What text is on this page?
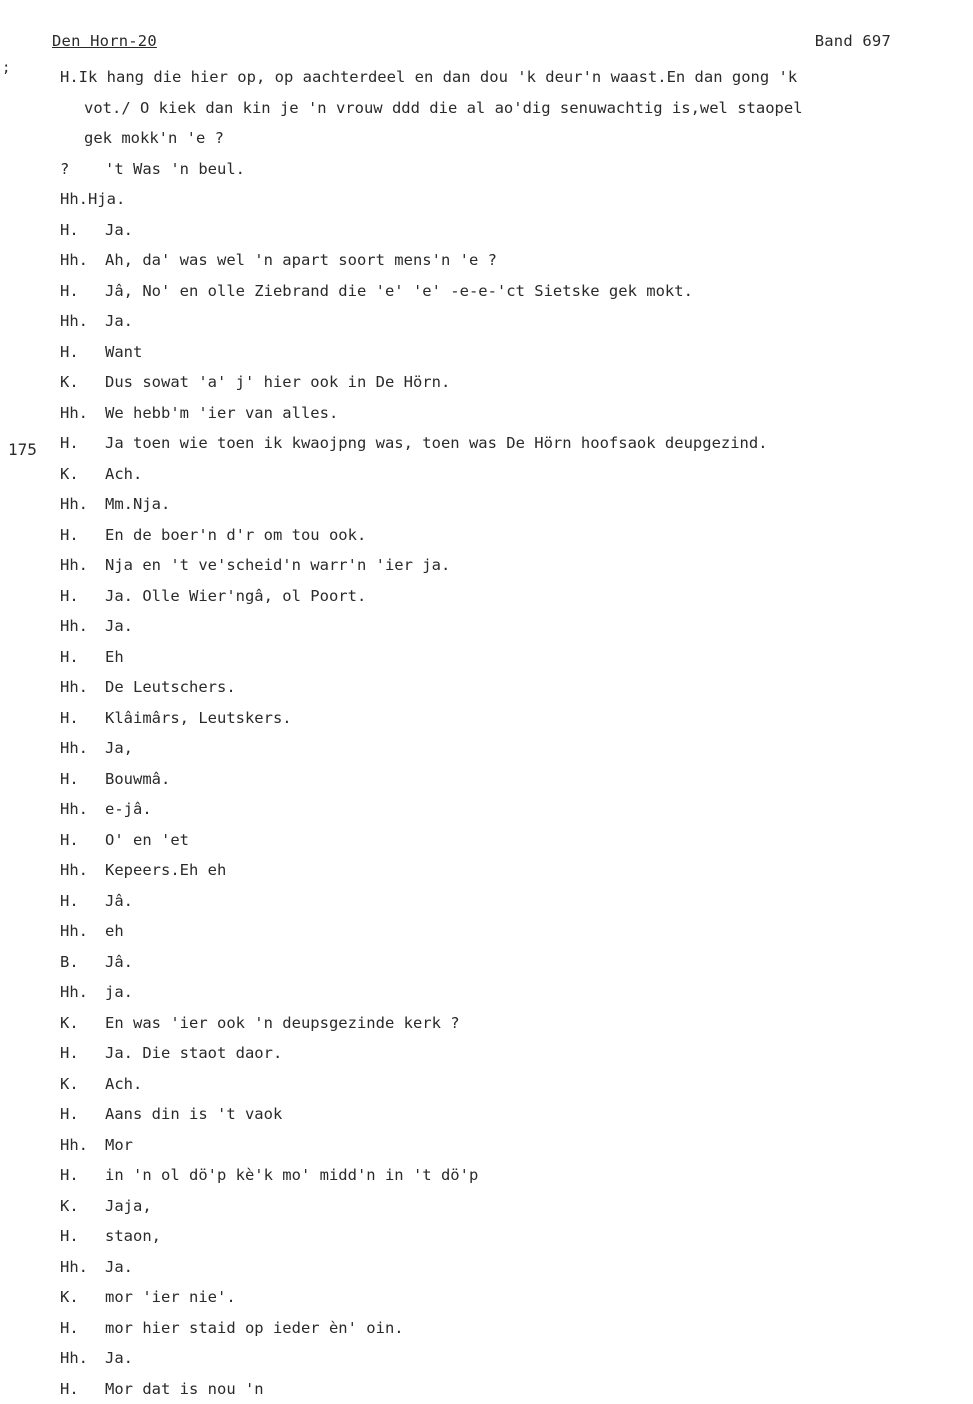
Den Horn-20	Band 697
;
175
H.Ik hang die hier op, op aachterdeel en dan dou 'k deur'n waast.En dan gong 'k
vot./ O kiek dan kin je 'n vrouw ddd die al ao'dig senuwachtig is,wel staopel
gek mokk'n 'e ?
? 't Was 'n beul.
Hh.Hja.
H. Ja.
Hh. Ah, da' was wel 'n apart soort mens'n 'e ?
H. Jâ, No' en olle Ziebrand die 'e' 'e' -e-e-'ct Sietske gek mokt.
Hh. Ja.
H. Want
K. Dus sowat 'a' j' hier ook in De Hörn.
Hh. We hebb'm 'ier van alles.
H. Ja toen wie toen ik kwaojpng was, toen was De Hörn hoofsaok deupgezind.
K. Ach.
Hh. Mm.Nja.
H. En de boer'n d'r om tou ook.
Hh. Nja en 't ve'scheid'n warr'n 'ier ja.
H. Ja. Olle Wier'ngâ, ol Poort.
Hh. Ja.
H. Eh
Hh. De Leutschers.
H. Klâimârs, Leutskers.
Hh. Ja,
H. Bouwmâ.
Hh. e-jâ.
H. O' en 'et
Hh. Kepeers.Eh eh
H. Jâ.
Hh. eh
B. Jâ.
Hh. ja.
K. En was 'ier ook 'n deupsgezinde kerk ?
H. Ja. Die staot daor.
K. Ach.
H. Aans din is 't vaok
Hh. Mor
H. in 'n ol dö'p kè'k mo' midd'n in 't dö'p
K. Jaja,
H. staon,
Hh. Ja.
K. mor 'ier nie'.
H. mor hier staid op ieder èn' oin.
Hh. Ja.
H. Mor dat is nou 'n
